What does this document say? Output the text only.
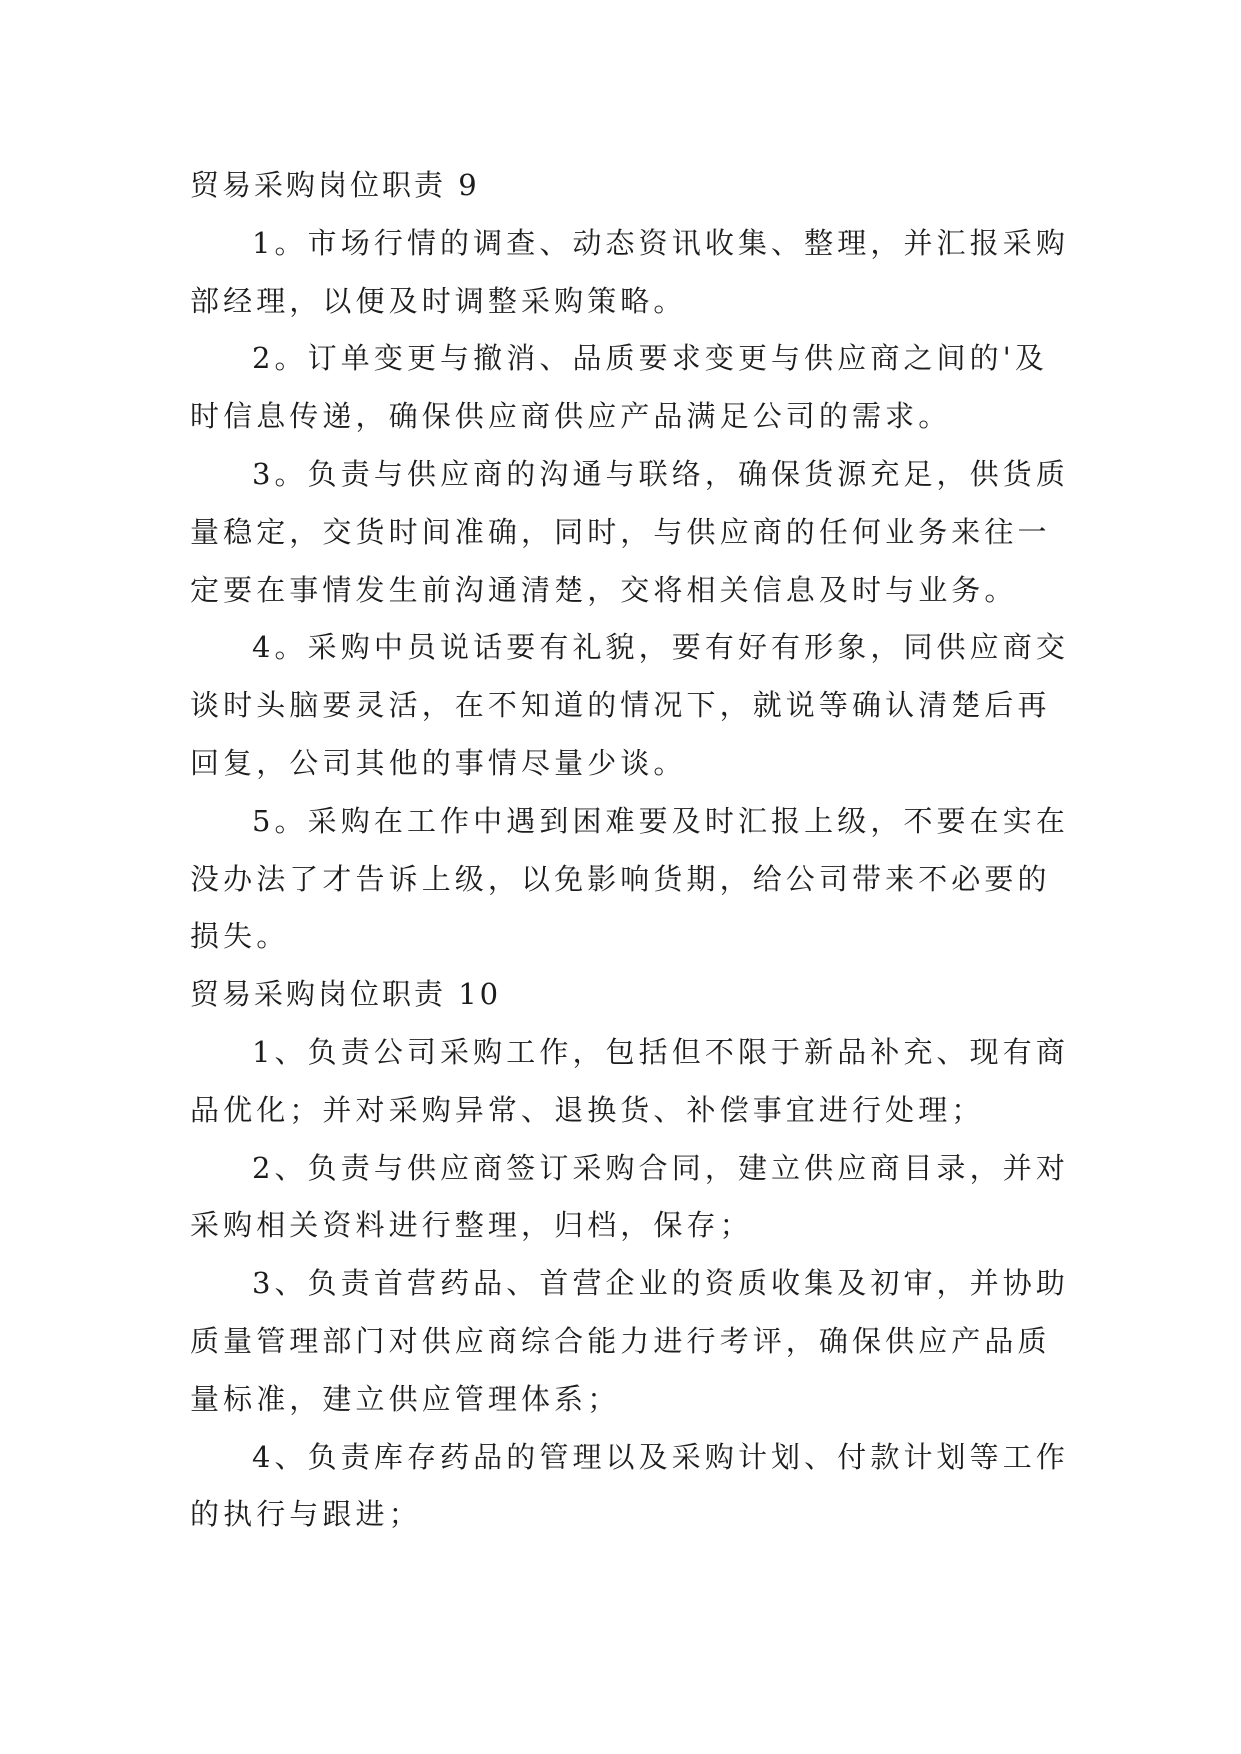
贸易采购岗位职责 9

1。市场行情的调查、动态资讯收集、整理，并汇报采购部经理，以便及时调整采购策略。

2。订单变更与撤消、品质要求变更与供应商之间的'及时信息传递，确保供应商供应产品满足公司的需求。

3。负责与供应商的沟通与联络，确保货源充足，供货质量稳定，交货时间准确，同时，与供应商的任何业务来往一定要在事情发生前沟通清楚，交将相关信息及时与业务。

4。采购中员说话要有礼貌，要有好有形象，同供应商交谈时头脑要灵活，在不知道的情况下，就说等确认清楚后再回复，公司其他的事情尽量少谈。

5。采购在工作中遇到困难要及时汇报上级，不要在实在没办法了才告诉上级，以免影响货期，给公司带来不必要的损失。

贸易采购岗位职责 10

1、负责公司采购工作，包括但不限于新品补充、现有商品优化；并对采购异常、退换货、补偿事宜进行处理；

2、负责与供应商签订采购合同，建立供应商目录，并对采购相关资料进行整理，归档，保存；

3、负责首营药品、首营企业的资质收集及初审，并协助质量管理部门对供应商综合能力进行考评，确保供应产品质量标准，建立供应管理体系；

4、负责库存药品的管理以及采购计划、付款计划等工作的执行与跟进；
